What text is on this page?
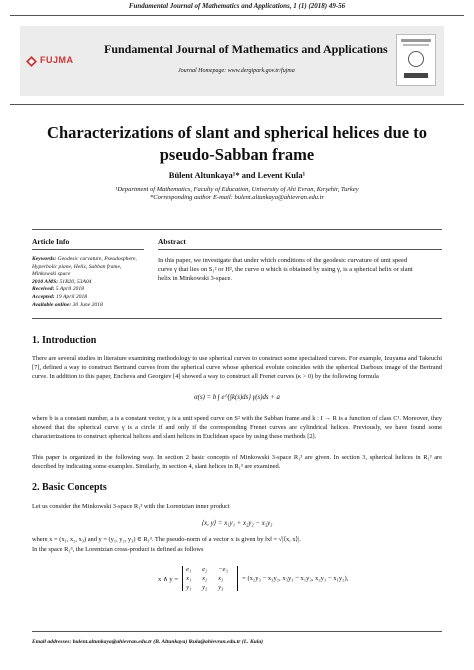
Fundamental Journal of Mathematics and Applications, 1 (1) (2018) 49-56
FUJMA
Fundamental Journal of Mathematics and Applications
Journal Homepage: www.dergipark.gov.tr/fujma
Characterizations of slant and spherical helices due to pseudo-Sabban frame
Bülent Altunkaya¹* and Levent Kula¹
¹Department of Mathematics, Faculty of Education, University of Ahi Evran, Kırşehir, Turkey
*Corresponding author E-mail: bulent.altunkaya@ahievran.edu.tr
Article Info	Abstract
Keywords: Geodesic curvature, Pseudosphere, Hyperbolic plane, Helix, Sabban frame, Minkowski space
2010 AMS: 51B20, 53A04
Received: 5 April 2018
Accepted: 19 April 2018
Available online: 30 June 2018
In this paper, we investigate that under which conditions of the geodesic curvature of unit speed curve γ that lies on S₁² or H², the curve α which is obtained by using γ, is a spherical helix or slant helix in Minkowski 3-space.
1. Introduction
There are several studies in literature examining methodology to use spherical curves to construct some specialized curves. For example, Izuyama and Takeuchi [7], defined a way to construct Bertrand curves from the spherical curve whose spherical evolute coincides with the spherical Darboux image of the Bertrand curve. In addition to this paper, Encheva and Georgiev [4] showed a way to construct all Frenet curves (κ > 0) by the following formula
α(s) = b ∫ e^{∫k(s)ds} γ(s)ds + a
where b is a constant number, a is a constant vector, γ is a unit speed curve on S² with the Sabban frame and k : I → R is a function of class C¹. Moreover, they showed that the spherical curve γ is a circle if and only if the corresponding Frenet curves are cylindrical helices. Previously, we have found some characterizations to construct spherical helices and slant helices in Euclidean space by using these methods [2].
This paper is organized in the following way. In section 2 basic concepts of Minkowski 3-space R₁³ are given. In section 3, spherical helices in R₁³ are described by indicating some examples. Similarly, in section 4, slant helices in R₁³ are examined.
2. Basic Concepts
Let us consider the Minkowski 3-space R₁³ with the Lorentzian inner product
⟨x, y⟩ = x₁y₁ + x₂y₂ − x₃y₃
where x = (x₁, x₂, x₃) and y = (y₁, y₂, y₃) ∈ R₁³. The pseudo-norm of a vector x is given by ‖x‖ = √|⟨x, x⟩|.
In the space R₁³, the Lorentzian cross-product is defined as follows
x ∧ y =
e₁	e₂	−e₃
x₁	x₂	x₃
y₁	y₂	y₃
= (x₂y₃ − x₃y₂, x₃y₁ − x₁y₃, x₂y₁ − x₁y₂),
Email addresses: bulent.altunkaya@ahievran.edu.tr (B. Altunkaya) lkula@ahievran.edu.tr (L. Kula)
